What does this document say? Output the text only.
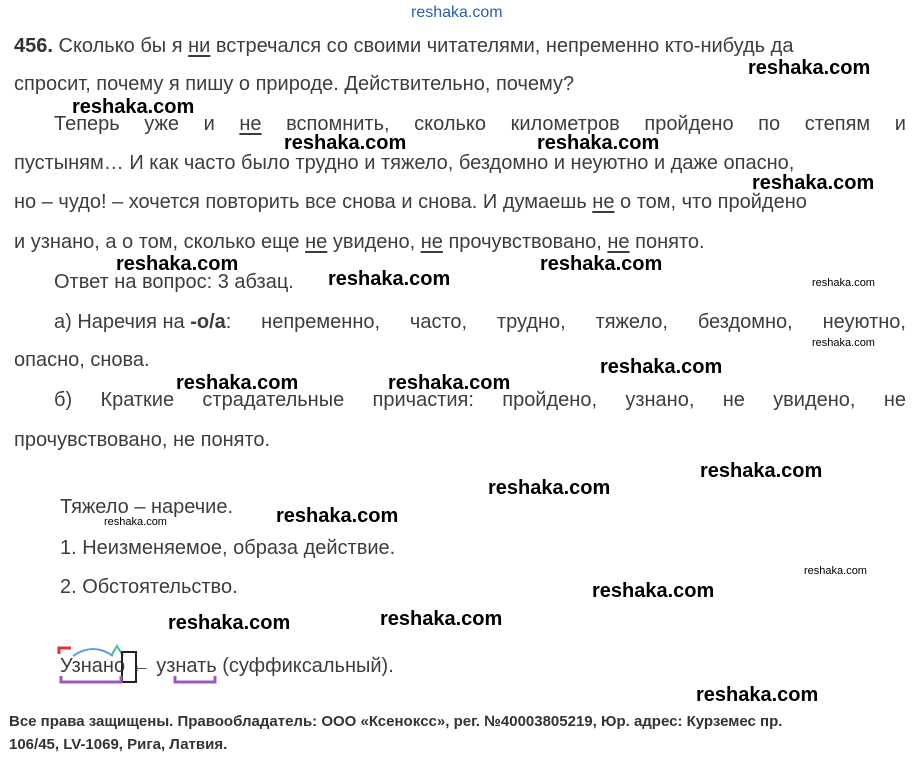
reshaka.com
456. Сколько бы я ни встречался со своими читателями, непременно кто-нибудь да
спросит, почему я пишу о природе. Действительно, почему?
Теперь уже и не вспомнить, сколько километров пройдено по степям и
пустыням… И как часто было трудно и тяжело, бездомно и неуютно и даже опасно,
но – чудо! – хочется повторить все снова и снова. И думаешь не о том, что пройдено
и узнано, а о том, сколько еще не увидено, не прочувствовано, не понято.
Ответ на вопрос: 3 абзац.
а) Наречия на -о/а: непременно, часто, трудно, тяжело, бездомно, неуютно,
опасно, снова.
б) Краткие страдательные причастия: пройдено, узнано, не увидено, не
прочувствовано, не понято.
Тяжело – наречие.
1. Неизменяемое, образа действие.
2. Обстоятельство.
Узнано ← узнать (суффиксальный).
reshaka.com
reshaka.com
reshaka.com	reshaka.com
reshaka.com
reshaka.com	reshaka.com
reshaka.com	reshaka.com
reshaka.com
reshaka.com
reshaka.com	reshaka.com
reshaka.com
reshaka.com
reshaka.com
reshaka.com
reshaka.com
reshaka.com
reshaka.com
reshaka.com
reshaka.com
Все права защищены. Правообладатель: ООО «Ксенокcс», рег. №40003805219, Юр. адрес: Курземес пр.
106/45, LV-1069, Рига, Латвия.
